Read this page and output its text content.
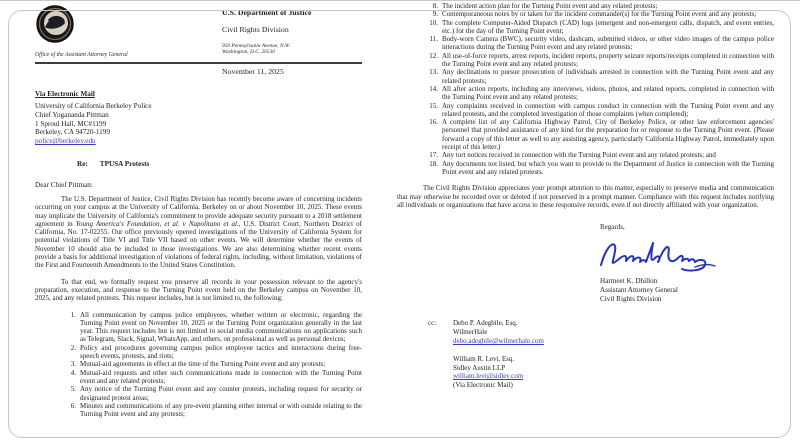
Office of the Assistant Attorney General
U.S. Department of Justice
Civil Rights Division
950 Pennsylvania Avenue, N.W.
Washington, D.C. 20530
November 11, 2025
Via Electronic Mail
University of California Berkeley Police
Chief Yogananda Pittman
1 Sproul Hall, MC#1199
Berkeley, CA 94720-1199
police@berkeley.edu
Re: TPUSA Protests
Dear Chief Pittman:
The U.S. Department of Justice, Civil Rights Division has recently become aware of concerning incidents occurring on your campus at the University of California, Berkeley on or about November 10, 2025. These events may implicate the University of California's commitment to provide adequate security pursuant to a 2018 settlement agreement in Young America's Foundation, et al. v Napolitano et al., U.S. District Court, Northern District of California, No. 17-02255. Our office previously opened investigations of the University of California System for potential violations of Title VI and Title VII based on other events. We will determine whether the events of November 10 should also be included in those investigations. We are also determining whether recent events provide a basis for additional investigation of violations of federal rights, including, without limitation, violations of the First and Fourteenth Amendments to the United States Constitution.
To that end, we formally request you preserve all records in your possession relevant to the agency's preparation, execution, and response to the Turning Point event held on the Berkeley campus on November 10, 2025, and any related protests. This request includes, but is not limited to, the following:
1. All communication by campus police employees, whether written or electronic, regarding the Turning Point event on November 10, 2025 or the Turning Point organization generally in the last year. This request includes but is not limited to social media communications on applications such as Telegram, Slack, Signal, WhatsApp, and others, on professional as well as personal devices;
2. Policy and procedures governing campus police employee tactics and interactions during free-speech events, protests, and riots;
3. Mutual-aid agreements in effect at the time of the Turning Point event and any protests;
4. Mutual-aid requests and other such communications made in connection with the Turning Point event and any related protests;
5. Any notice of the Turning Point event and any counter protests, including request for security or designated protest areas;
6. Minutes and communications of any pre-event planning either internal or with outside relating to the Turning Point event and any protests;
8. The incident action plan for the Turning Point event and any related protests;
9. Contemporaneous notes by or taken for the incident commander(s) for the Turning Point event and any protests;
10. The complete Computer-Aided Dispatch (CAD) logs (emergent and non-emergent calls, dispatch, and event entries, etc.) for the day of the Turning Point event;
11. Body-worn Camera (BWC), security video, dashcam, submitted videos, or other video images of the campus police interactions during the Turning Point event and any related protests;
12. All use-of-force reports, arrest reports, incident reports, property seizure reports/receipts completed in connection with the Turning Point event and any related protests;
13. Any declinations to pursue prosecution of individuals arrested in connection with the Turning Point event and any related protests;
14. All after action reports, including any interviews, videos, photos, and related reports, completed in connection with the Turning Point event and any related protests;
15. Any complaints received in connection with campus conduct in connection with the Turning Point event and any related protests, and the completed investigation of those complaints (when completed);
16. A complete list of any California Highway Patrol, City of Berkeley Police, or other law enforcement agencies' personnel that provided assistance of any kind for the preparation for or response to the Turning Point event. (Please forward a copy of this letter as well to any assisting agency, particularly California Highway Patrol, immediately upon receipt of this letter.)
17. Any tort notices received in connection with the Turning Point event and any related protests; and
18. Any documents not listed, but which you want to provide to the Department of Justice in connection with the Turning Point event and any related protests.
The Civil Rights Division appreciates your prompt attention to this matter, especially to preserve media and communication that may otherwise be recorded over or deleted if not preserved in a prompt manner. Compliance with this request includes notifying all individuals or organizations that have access to these responsive records, even if not directly affiliated with your organization.
Regards,
Harmeet K. Dhillon
Assistant Attorney General
Civil Rights Division
cc:	Debo P. Adegbile, Esq.
WilmerHale
debo.adegbile@wilmerhale.com
William R. Levi, Esq.
Sidley Austin LLP
william.levi@sidley.com
(Via Electronic Mail)
